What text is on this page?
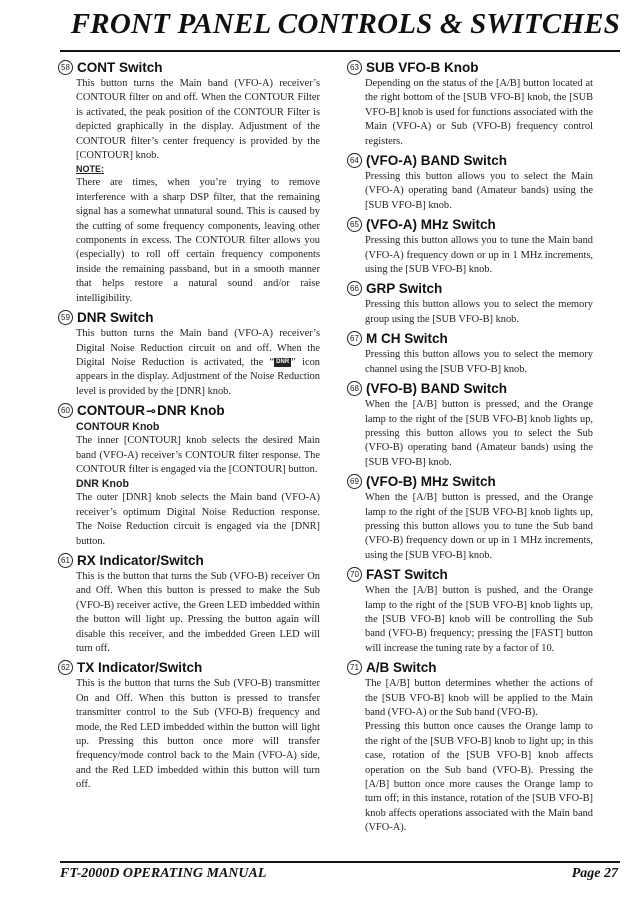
FRONT PANEL CONTROLS & SWITCHES
58 CONT Switch

This button turns the Main band (VFO-A) receiver’s CONTOUR filter on and off. When the CONTOUR Filter is activated, the peak position of the CONTOUR Filter is depicted graphically in the display. Adjustment of the CONTOUR filter’s center frequency is provided by the [CONTOUR] knob.

NOTE:

There are times, when you’re trying to remove interference with a sharp DSP filter, that the remaining signal has a somewhat unnatural sound. This is caused by the cutting of some frequency components, leaving other components in excess. The CONTOUR filter allows you (especially) to roll off certain frequency components inside the remaining passband, but in a smooth manner that helps restore a natural sound and/or raise intelligibility.

59 DNR Switch

This button turns the Main band (VFO-A) receiver’s Digital Noise Reduction circuit on and off. When the Digital Noise Reduction is activated, the “ DNR ” icon appears in the display. Adjustment of the Noise Reduction level is provided by the [DNR] knob.

60 CONTOUR⊸DNR Knob
CONTOUR Knob

The inner [CONTOUR] knob selects the desired Main band (VFO-A) receiver’s CONTOUR filter response. The CONTOUR filter is engaged via the [CONTOUR] button.

DNR Knob

The outer [DNR] knob selects the Main band (VFO-A) receiver’s optimum Digital Noise Reduction response. The Noise Reduction circuit is engaged via the [DNR] button.

61 RX Indicator/Switch

This is the button that turns the Sub (VFO-B) receiver On and Off. When this button is pressed to make the Sub (VFO-B) receiver active, the Green LED imbedded within the button will light up. Pressing the button again will disable this receiver, and the imbedded Green LED will turn off.

62 TX Indicator/Switch

This is the button that turns the Sub (VFO-B) transmitter On and Off. When this button is pressed to transfer transmitter control to the Sub (VFO-B) frequency and mode, the Red LED imbedded within the button will light up. Pressing this button once more will transfer frequency/mode control back to the Main (VFO-A) side, and the Red LED imbedded within this button will turn off.

63 SUB VFO-B Knob

Depending on the status of the [A/B] button located at the right bottom of the [SUB VFO-B] knob, the [SUB VFO-B] knob is used for functions associated with the Main (VFO-A) or Sub (VFO-B) frequency control registers.

64 (VFO-A) BAND Switch

Pressing this button allows you to select the Main (VFO-A) operating band (Amateur bands) using the [SUB VFO-B] knob.

65 (VFO-A) MHz Switch

Pressing this button allows you to tune the Main band (VFO-A) frequency down or up in 1 MHz increments, using the [SUB VFO-B] knob.

66 GRP Switch

Pressing this button allows you to select the memory group using the [SUB VFO-B] knob.

67 M CH Switch

Pressing this button allows you to select the memory channel using the [SUB VFO-B] knob.

68 (VFO-B) BAND Switch

When the [A/B] button is pressed, and the Orange lamp to the right of the [SUB VFO-B] knob lights up, pressing this button allows you to select the Sub (VFO-B) operating band (Amateur bands) using the [SUB VFO-B] knob.

69 (VFO-B) MHz Switch

When the [A/B] button is pressed, and the Orange lamp to the right of the [SUB VFO-B] knob lights up, pressing this button allows you to tune the Sub band (VFO-B) frequency down or up in 1 MHz increments, using the [SUB VFO-B] knob.

70 FAST Switch

When the [A/B] button is pushed, and the Orange lamp to the right of the [SUB VFO-B] knob lights up, the [SUB VFO-B] knob will be controlling the Sub band (VFO-B) frequency; pressing the [FAST] button will increase the tuning rate by a factor of 10.

71 A/B Switch

The [A/B] button determines whether the actions of the [SUB VFO-B] knob will be applied to the Main band (VFO-A) or the Sub band (VFO-B).

Pressing this button once causes the Orange lamp to the right of the [SUB VFO-B] knob to light up; in this case, rotation of the [SUB VFO-B] knob affects operation on the Sub band (VFO-B). Pressing the [A/B] button once more causes the Orange lamp to turn off; in this instance, rotation of the [SUB VFO-B] knob affects operations associated with the Main band (VFO-A).

FT-2000D OPERATING MANUAL	Page 27
